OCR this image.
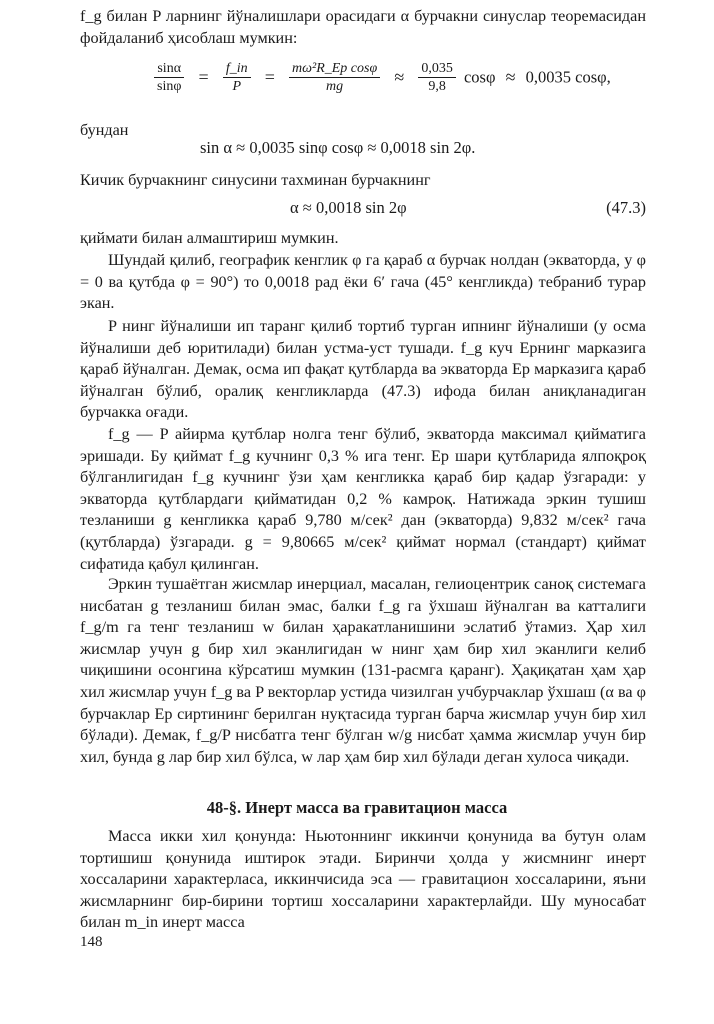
f_g билан P ларнинг йўналишлари орасидаги α бурчакни синуслар теоремасидан фойдаланиб ҳисоблаш мумкин:

$\frac{\sin\alpha}{\sin\varphi} = \frac{f\_in}{P} = \frac{\text{mω²R\_Ep cosφ}}{mg} \approx \frac{0,035}{9,8}$ cosφ ≈ 0,0035 cosφ,

бундан

sin α ≈ 0,0035 sinφ cosφ ≈ 0,0018 sin 2φ.

Кичик бурчакнинг синусини тахминан бурчакнинг

α ≈ 0,0018 sin 2φ	(47.3)

қиймати билан алмаштириш мумкин.

Шундай қилиб, географик кенглик φ га қараб α бурчак нолдан (экваторда, у φ = 0 ва қутбда φ = 90°) то 0,0018 рад ёки 6′ гача (45° кенгликда) тебраниб турар экан.

P нинг йўналиши ип таранг қилиб тортиб турган ипнинг йўналиши (у осма йўналиши деб юритилади) билан устма-уст тушади. f_g куч Ернинг марказига қараб йўналган. Демак, осма ип фақат қутбларда ва экваторда Ер марказига қараб йўналган бўлиб, оралиқ кенгликларда (47.3) ифода билан аниқланадиган бурчакка оғади.

f_g — P айирма қутблар нолга тенг бўлиб, экваторда максимал қийматига эришади. Бу қиймат f_g кучнинг 0,3 % ига тенг. Ер шари қутбларида ялпоқроқ бўлганлигидан f_g кучнинг ўзи ҳам кенгликка қараб бир қадар ўзгаради: у экваторда қутблардаги қийматидан 0,2 % камроқ. Натижада эркин тушиш тезланиши g кенгликка қараб 9,780 м/сек² дан (экваторда) 9,832 м/сек² гача (қутбларда) ўзгаради. g = 9,80665 м/сек² қиймат нормал (стандарт) қиймат сифатида қабул қилинган.

Эркин тушаётган жисмлар инерциал, масалан, гелиоцентрик саноқ системага нисбатан g тезланиш билан эмас, балки f_g га ўхшаш йўналган ва катталиги f_g/m га тенг тезланиш w билан ҳаракатланишини эслатиб ўтамиз. Ҳар хил жисмлар учун g бир хил эканлигидан w нинг ҳам бир хил эканлиги келиб чиқишини осонгина кўрсатиш мумкин (131-расмга қаранг). Ҳақиқатан ҳам ҳар хил жисмлар учун f_g ва P векторлар устида чизилган учбурчаклар ўхшаш (α ва φ бурчаклар Ер сиртининг берилган нуқтасида турган барча жисмлар учун бир хил бўлади). Демак, f_g/P нисбатга тенг бўлган w/g нисбат ҳамма жисмлар учун бир хил, бунда g лар бир хил бўлса, w лар ҳам бир хил бўлади деган хулоса чиқади.

48-§. Инерт масса ва гравитацион масса

Масса икки хил қонунда: Ньютоннинг иккинчи қонунида ва бутун олам тортишиш қонунида иштирок этади. Биринчи ҳолда у жисмнинг инерт хоссаларини характерласа, иккинчисида эса — гравитацион хоссаларини, яъни жисмларнинг бир-бирини тортиш хоссаларини характерлайди. Шу муносабат билан m_in инерт масса

148
